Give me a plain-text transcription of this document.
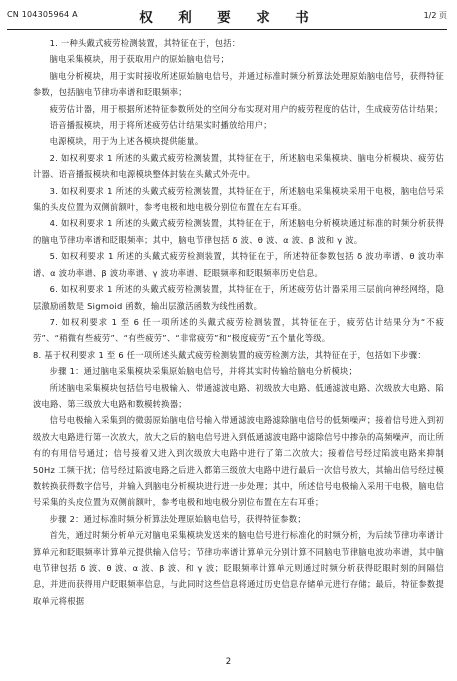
CN 104305964 A	权　利　要　求　书	1/2 页

1. 一种头戴式疲劳检测装置，其特征在于，包括：

脑电采集模块，用于获取用户的原始脑电信号；

脑电分析模块，用于实时接收所述原始脑电信号，并通过标准时频分析算法处理原始脑电信号，获得特征参数，包括脑电节律功率谱和眨眼频率；

疲劳估计器，用于根据所述特征参数所处的空间分布实现对用户的疲劳程度的估计，生成疲劳估计结果；

语音播报模块，用于将所述疲劳估计结果实时播放给用户；

电源模块，用于为上述各模块提供能量。

2. 如权利要求 1 所述的头戴式疲劳检测装置，其特征在于，所述脑电采集模块、脑电分析模块、疲劳估计器、语音播报模块和电源模块整体封装在头戴式外壳中。

3. 如权利要求 1 所述的头戴式疲劳检测装置，其特征在于，所述脑电采集模块采用干电极，脑电信号采集的头皮位置为双侧前额叶，参考电极和地电极分别位布置在左右耳垂。

4. 如权利要求 1 所述的头戴式疲劳检测装置，其特征在于，所述脑电分析模块通过标准的时频分析获得的脑电节律功率谱和眨眼频率；其中，脑电节律包括 δ 波、θ 波、α 波、β 波和 γ 波。

5. 如权利要求 1 所述的头戴式疲劳检测装置，其特征在于，所述特征参数包括 δ 波功率谱、θ 波功率谱、α 波功率谱、β 波功率谱、γ 波功率谱、眨眼频率和眨眼频率历史信息。

6. 如权利要求 1 所述的头戴式疲劳检测装置，其特征在于，所述疲劳估计器采用三层前向神经网络，隐层激励函数是 Sigmoid 函数，输出层激活函数为线性函数。

7. 如权利要求 1 至 6 任一项所述的头戴式疲劳检测装置，其特征在于，疲劳估计结果分为“不疲劳”、“稍微有些疲劳”、“有些疲劳”、“非常疲劳”和“极度疲劳”五个量化等级。

8. 基于权利要求 1 至 6 任一项所述头戴式疲劳检测装置的疲劳检测方法，其特征在于，包括如下步骤：

步骤 1：通过脑电采集模块采集原始脑电信号，并将其实时传输给脑电分析模块；

所述脑电采集模块包括信号电极输入、带通滤波电路、初级放大电路、低通滤波电路、次级放大电路、陷波电路、第三级放大电路和数模转换器；

信号电极输入采集到的微弱原始脑电信号输入带通滤波电路滤除脑电信号的低频噪声；接着信号进入到初级放大电路进行第一次放大，放大之后的脑电信号进入到低通滤波电路中滤除信号中掺杂的高频噪声，而让所有的有用信号通过；信号接着又进入到次级放大电路中进行了第二次放大；接着信号经过陷波电路来抑制 50Hz 工频干扰；信号经过陷波电路之后进入都第三级放大电路中进行最后一次信号放大，其输出信号经过模数转换获得数字信号，并输入到脑电分析模块进行进一步处理；其中，所述信号电极输入采用干电极，脑电信号采集的头皮位置为双侧前额叶，参考电极和地电极分别位布置在左右耳垂；

步骤 2：通过标准时频分析算法处理原始脑电信号，获得特征参数；

首先，通过时频分析单元对脑电采集模块发送来的脑电信号进行标准化的时频分析，为后续节律功率谱计算单元和眨眼频率计算单元提供输入信号；节律功率谱计算单元分别计算不同脑电节律脑电波功率谱，其中脑电节律包括 δ 波、θ 波、α 波、β 波、和 γ 波；眨眼频率计算单元则通过时频分析获得眨眼时刻的间隔信息，并进而获得用户眨眼频率信息，与此同时这些信息将通过历史信息存储单元进行存储；最后，特征参数提取单元将根据

2
